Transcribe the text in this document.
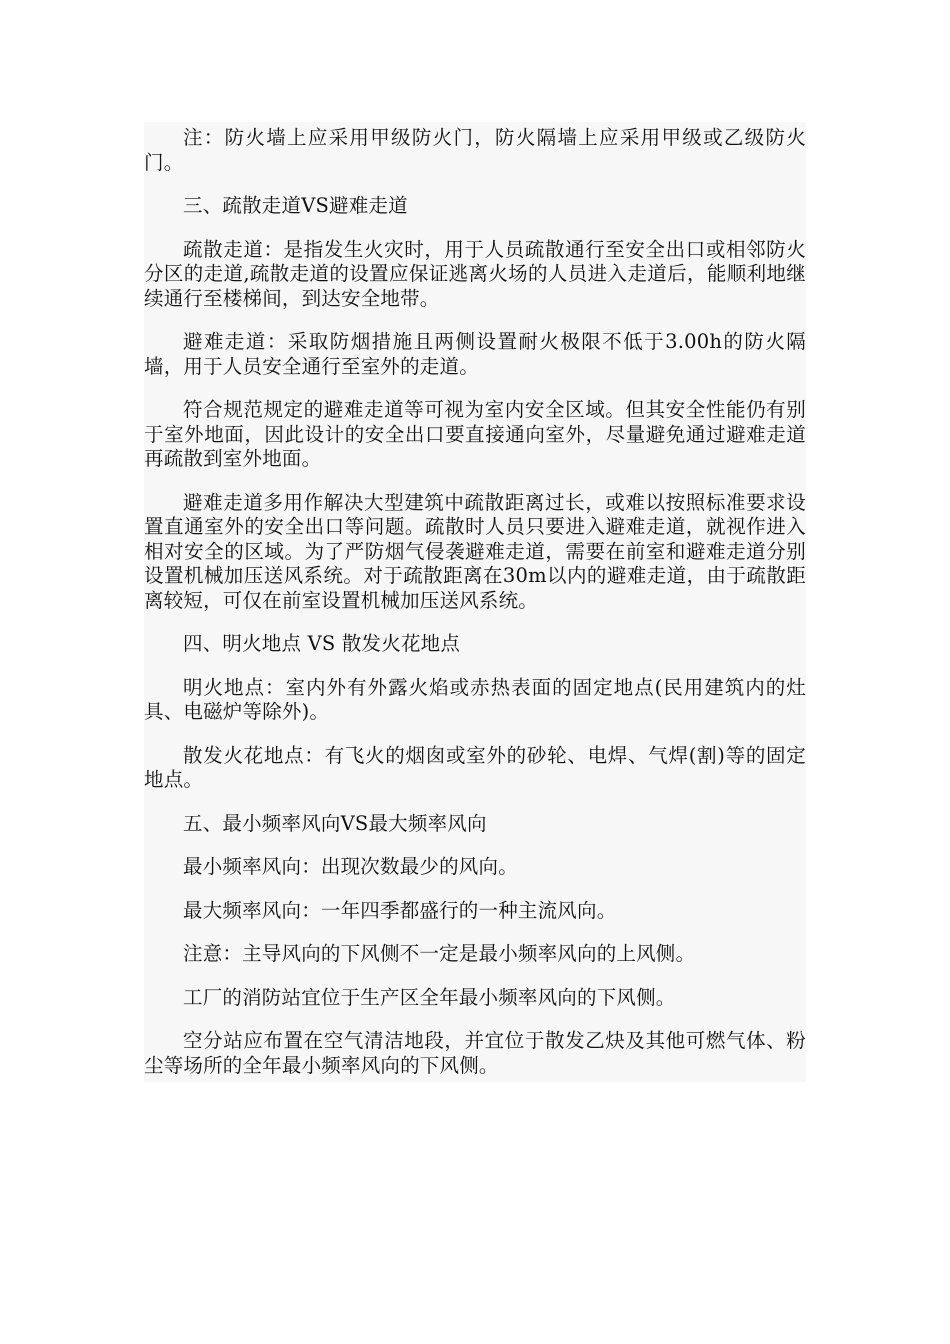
注：防火墙上应采用甲级防火门，防火隔墙上应采用甲级或乙级防火门。

三、疏散走道VS避难走道

疏散走道：是指发生火灾时，用于人员疏散通行至安全出口或相邻防火分区的走道,疏散走道的设置应保证逃离火场的人员进入走道后，能顺利地继续通行至楼梯间，到达安全地带。

避难走道：采取防烟措施且两侧设置耐火极限不低于3.00h的防火隔墙，用于人员安全通行至室外的走道。

符合规范规定的避难走道等可视为室内安全区域。但其安全性能仍有别于室外地面，因此设计的安全出口要直接通向室外，尽量避免通过避难走道再疏散到室外地面。

避难走道多用作解决大型建筑中疏散距离过长，或难以按照标准要求设置直通室外的安全出口等问题。疏散时人员只要进入避难走道，就视作进入相对安全的区域。为了严防烟气侵袭避难走道，需要在前室和避难走道分别设置机械加压送风系统。对于疏散距离在30m以内的避难走道，由于疏散距离较短，可仅在前室设置机械加压送风系统。

四、明火地点 VS 散发火花地点

明火地点：室内外有外露火焰或赤热表面的固定地点(民用建筑内的灶具、电磁炉等除外)。

散发火花地点：有飞火的烟囱或室外的砂轮、电焊、气焊(割)等的固定地点。

五、最小频率风向VS最大频率风向

最小频率风向：出现次数最少的风向。

最大频率风向：一年四季都盛行的一种主流风向。

注意：主导风向的下风侧不一定是最小频率风向的上风侧。

工厂的消防站宜位于生产区全年最小频率风向的下风侧。

空分站应布置在空气清洁地段，并宜位于散发乙炔及其他可燃气体、粉尘等场所的全年最小频率风向的下风侧。
